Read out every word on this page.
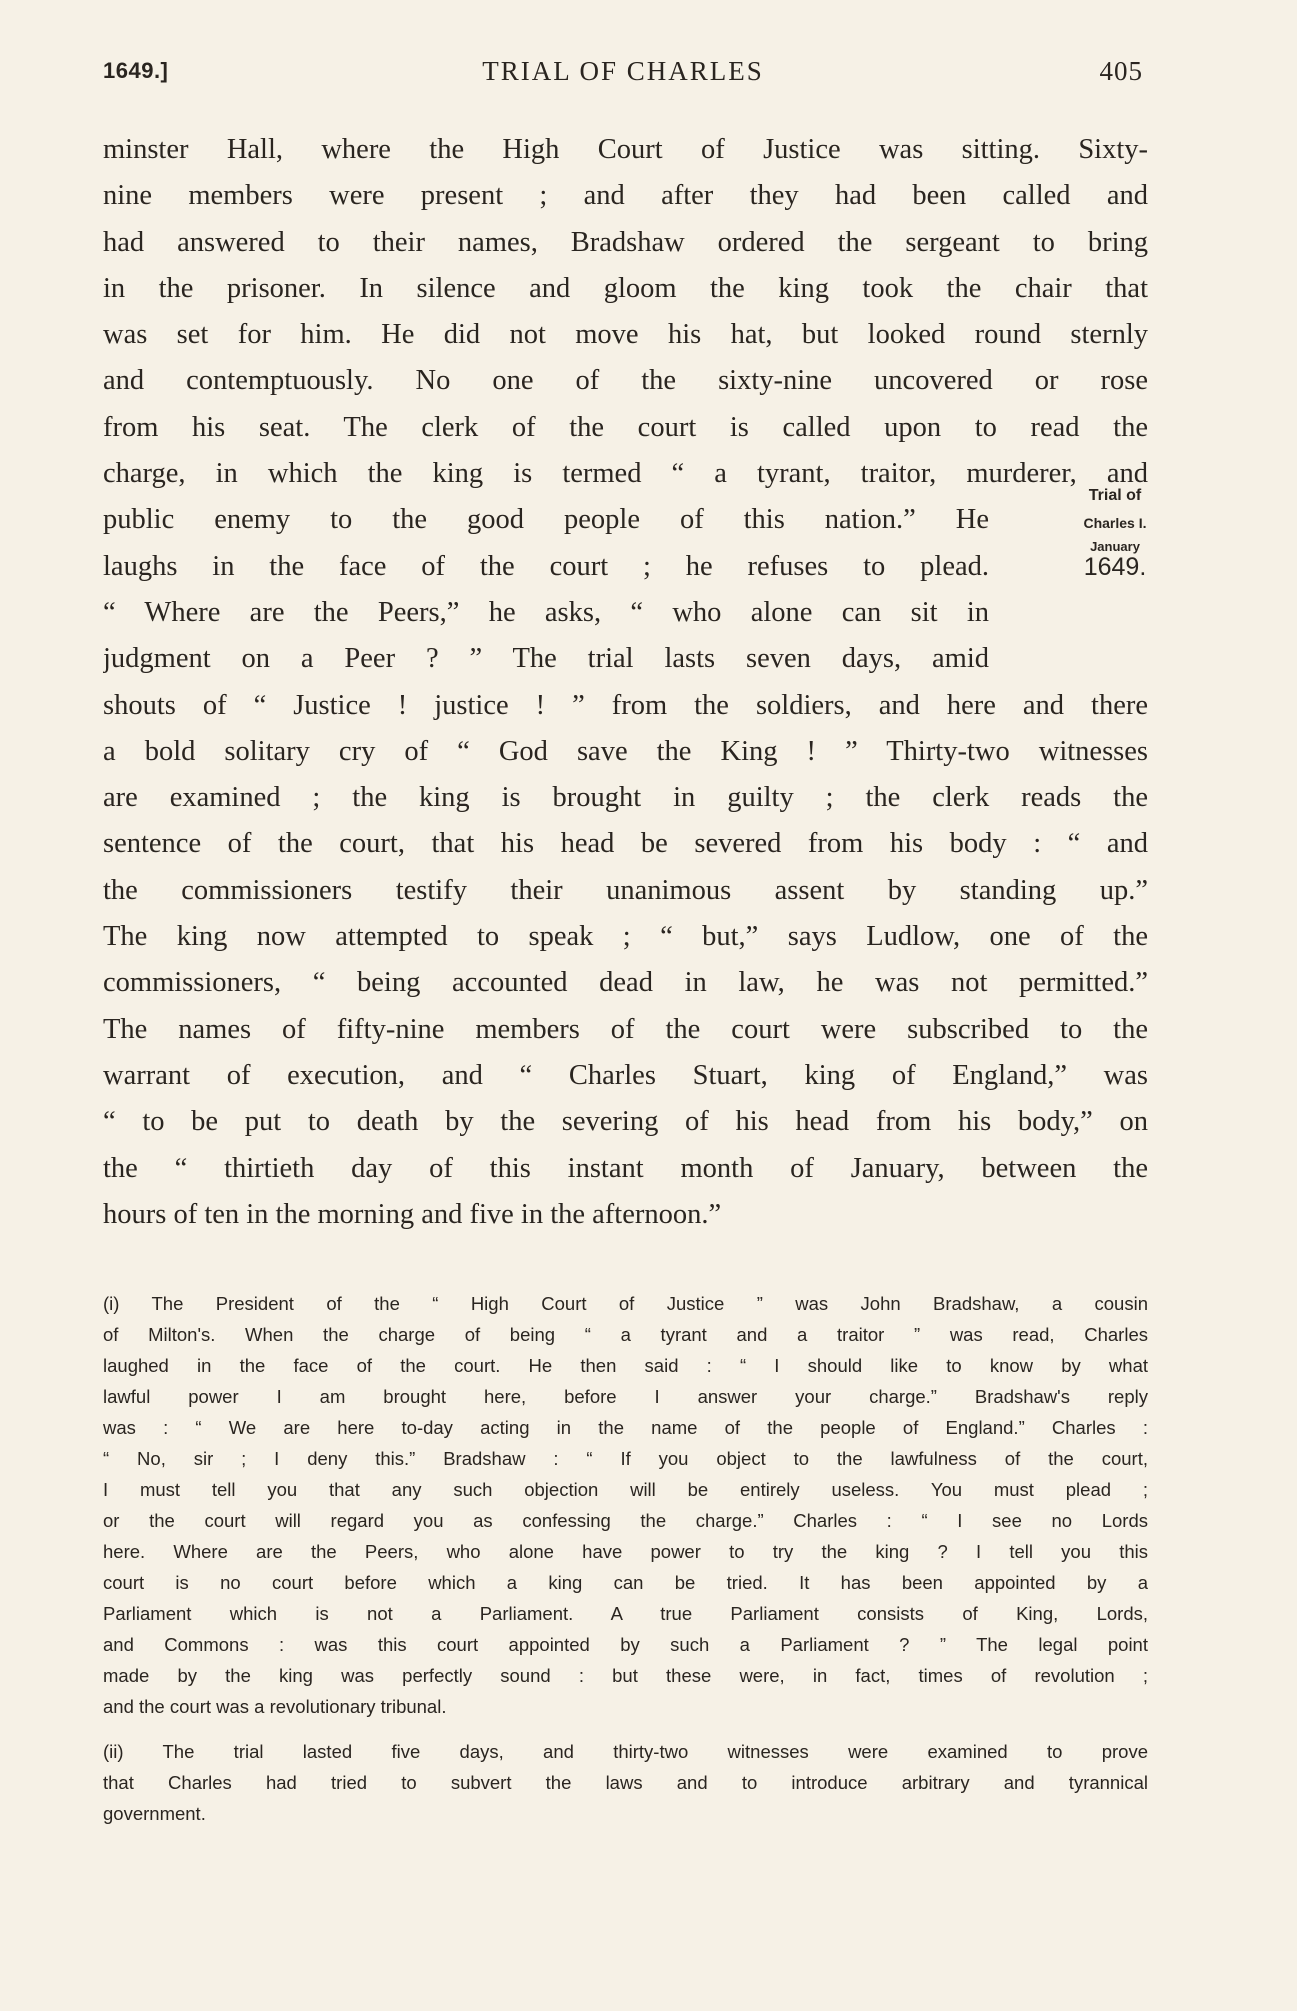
1649.]	TRIAL OF CHARLES	405
minster Hall, where the High Court of Justice was sitting. Sixty-
nine members were present ; and after they had been called and
had answered to their names, Bradshaw ordered the sergeant to bring
in the prisoner. In silence and gloom the king took the chair that
was set for him. He did not move his hat, but looked round sternly
and contemptuously. No one of the sixty-nine uncovered or rose
from his seat. The clerk of the court is called upon to read the
charge, in which the king is termed “ a tyrant, traitor, murderer, and
public enemy to the good people of this nation.” He
laughs in the face of the court ; he refuses to plead.
“ Where are the Peers,” he asks, “ who alone can sit in
judgment on a Peer ? ” The trial lasts seven days, amid
shouts of “ Justice ! justice ! ” from the soldiers, and here and there
a bold solitary cry of “ God save the King ! ” Thirty-two witnesses
are examined ; the king is brought in guilty ; the clerk reads the
sentence of the court, that his head be severed from his body : “ and
the commissioners testify their unanimous assent by standing up.”
The king now attempted to speak ; “ but,” says Ludlow, one of the
commissioners, “ being accounted dead in law, he was not permitted.”
The names of fifty-nine members of the court were subscribed to the
warrant of execution, and “ Charles Stuart, king of England,” was
“ to be put to death by the severing of his head from his body,” on
the “ thirtieth day of this instant month of January, between the
hours of ten in the morning and five in the afternoon.”
Trial of
Charles I.
January
1649.
(i) The President of the “ High Court of Justice ” was John Bradshaw, a cousin
of Milton's. When the charge of being “ a tyrant and a traitor ” was read, Charles
laughed in the face of the court. He then said : “ I should like to know by what
lawful power I am brought here, before I answer your charge.” Bradshaw's reply
was : “ We are here to-day acting in the name of the people of England.” Charles :
“ No, sir ; I deny this.” Bradshaw : “ If you object to the lawfulness of the court,
I must tell you that any such objection will be entirely useless. You must plead ;
or the court will regard you as confessing the charge.” Charles : “ I see no Lords
here. Where are the Peers, who alone have power to try the king ? I tell you this
court is no court before which a king can be tried. It has been appointed by a
Parliament which is not a Parliament. A true Parliament consists of King, Lords,
and Commons : was this court appointed by such a Parliament ? ” The legal point
made by the king was perfectly sound : but these were, in fact, times of revolution ;
and the court was a revolutionary tribunal.
(ii) The trial lasted five days, and thirty-two witnesses were examined to prove
that Charles had tried to subvert the laws and to introduce arbitrary and tyrannical
government.
